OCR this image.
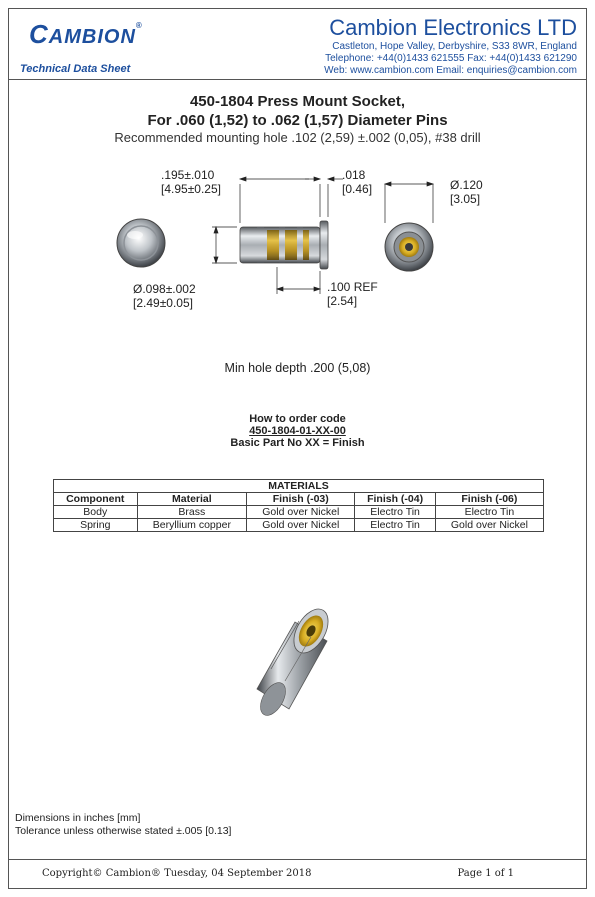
CAMBION®
Technical Data Sheet
Cambion Electronics LTD
Castleton, Hope Valley, Derbyshire, S33 8WR, England
Telephone: +44(0)1433 621555 Fax: +44(0)1433 621290
Web: www.cambion.com Email: enquiries@cambion.com
450-1804 Press Mount Socket,
For .060 (1,52) to .062 (1,57) Diameter Pins
Recommended mounting hole .102 (2,59) ±.002 (0,05), #38 drill
.195±.010
[4.95±0.25]
.018
[0.46]	Ø.120
[3.05]
Ø.098±.002
[2.49±0.05]
.100 REF
[2.54]
Min hole depth .200 (5,08)
How to order code
450-1804-01-XX-00
Basic Part No XX = Finish
MATERIALS				
Component	Material	Finish (-03)	Finish (-04)	Finish (-06)
Body	Brass	Gold over Nickel	Electro Tin	Electro Tin
Spring	Beryllium copper	Gold over Nickel	Electro Tin	Gold over Nickel
Dimensions in inches [mm]
Tolerance unless otherwise stated ±.005 [0.13]
Copyright© Cambion® Tuesday, 04 September 2018	Page 1 of 1
